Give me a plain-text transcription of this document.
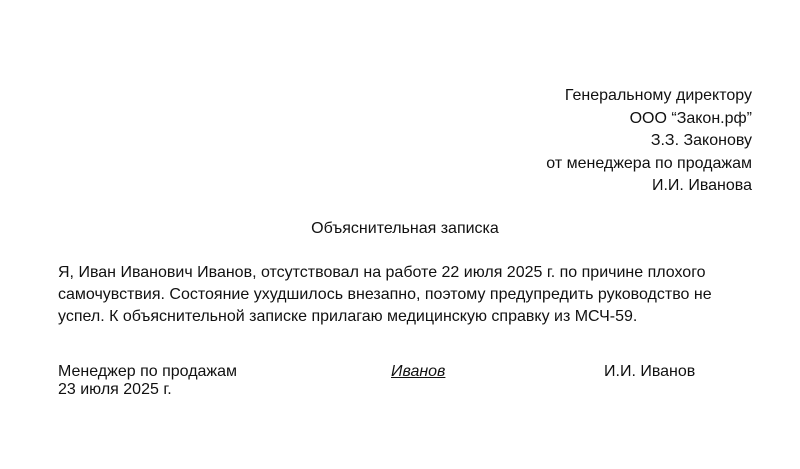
Генеральному директору
ООО “Закон.рф”
З.З. Законову
от менеджера по продажам
И.И. Иванова
Объяснительная записка
Я, Иван Иванович Иванов, отсутствовал на работе 22 июля 2025 г. по причине плохого
самочувствия. Состояние ухудшилось внезапно, поэтому предупредить руководство не
успел. К объяснительной записке прилагаю медицинскую справку из МСЧ-59.
Менеджер по продажам
23 июля 2025 г.
Иванов	И.И. Иванов
